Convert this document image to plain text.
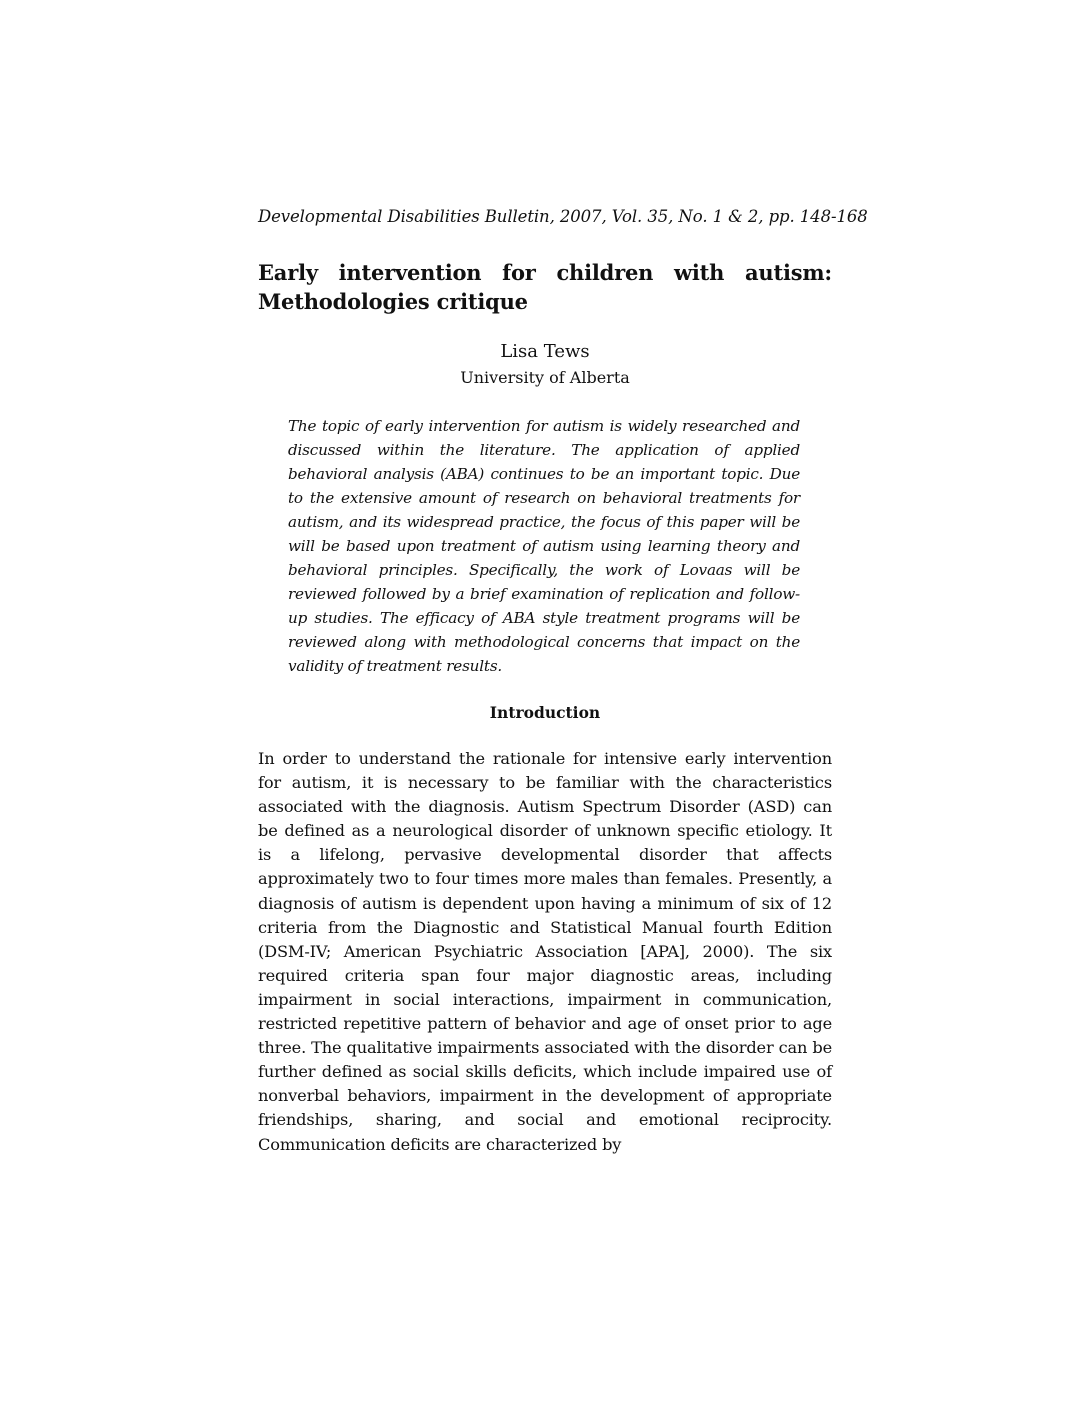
Developmental Disabilities Bulletin, 2007, Vol. 35, No. 1 & 2, pp. 148-168
Early intervention for children with autism:
Methodologies critique
Lisa Tews
University of Alberta
The topic of early intervention for autism is widely researched and discussed within the literature. The application of applied behavioral analysis (ABA) continues to be an important topic. Due to the extensive amount of research on behavioral treatments for autism, and its widespread practice, the focus of this paper will be will be based upon treatment of autism using learning theory and behavioral principles. Specifically, the work of Lovaas will be reviewed followed by a brief examination of replication and follow-up studies. The efficacy of ABA style treatment programs will be reviewed along with methodological concerns that impact on the validity of treatment results.
Introduction
In order to understand the rationale for intensive early intervention for autism, it is necessary to be familiar with the characteristics associated with the diagnosis. Autism Spectrum Disorder (ASD) can be defined as a neurological disorder of unknown specific etiology. It is a lifelong, pervasive developmental disorder that affects approximately two to four times more males than females. Presently, a diagnosis of autism is dependent upon having a minimum of six of 12 criteria from the Diagnostic and Statistical Manual fourth Edition (DSM-IV; American Psychiatric Association [APA], 2000). The six required criteria span four major diagnostic areas, including impairment in social interactions, impairment in communication, restricted repetitive pattern of behavior and age of onset prior to age three. The qualitative impairments associated with the disorder can be further defined as social skills deficits, which include impaired use of nonverbal behaviors, impairment in the development of appropriate friendships, sharing, and social and emotional reciprocity. Communication deficits are characterized by
